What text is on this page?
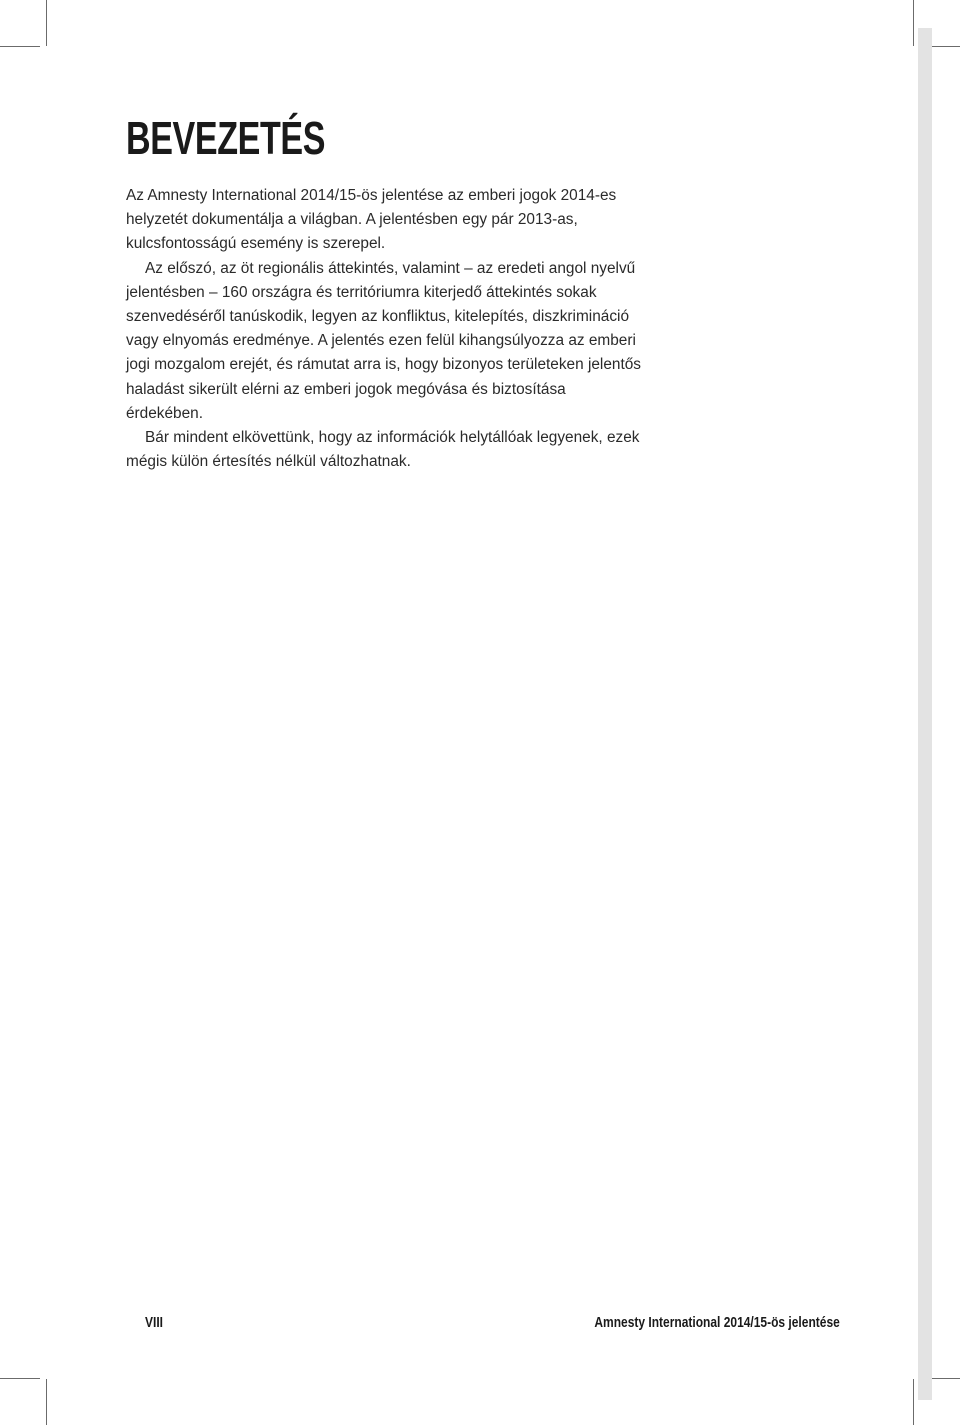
BEVEZETÉS

Az Amnesty International 2014/15-ös jelentése az emberi jogok 2014-es helyzetét dokumentálja a világban. A jelentésben egy pár 2013-as, kulcsfontosságú esemény is szerepel.

Az előszó, az öt regionális áttekintés, valamint – az eredeti angol nyelvű jelentésben – 160 országra és territóriumra kiterjedő áttekintés sokak szenvedéséről tanúskodik, legyen az konfliktus, kitelepítés, diszkrimináció vagy elnyomás eredménye. A jelentés ezen felül kihangsúlyozza az emberi jogi mozgalom erejét, és rámutat arra is, hogy bizonyos területeken jelentős haladást sikerült elérni az emberi jogok megóvása és biztosítása érdekében.

Bár mindent elkövettünk, hogy az információk helytállóak legyenek, ezek mégis külön értesítés nélkül változhatnak.

VIII	Amnesty International 2014/15-ös jelentése
